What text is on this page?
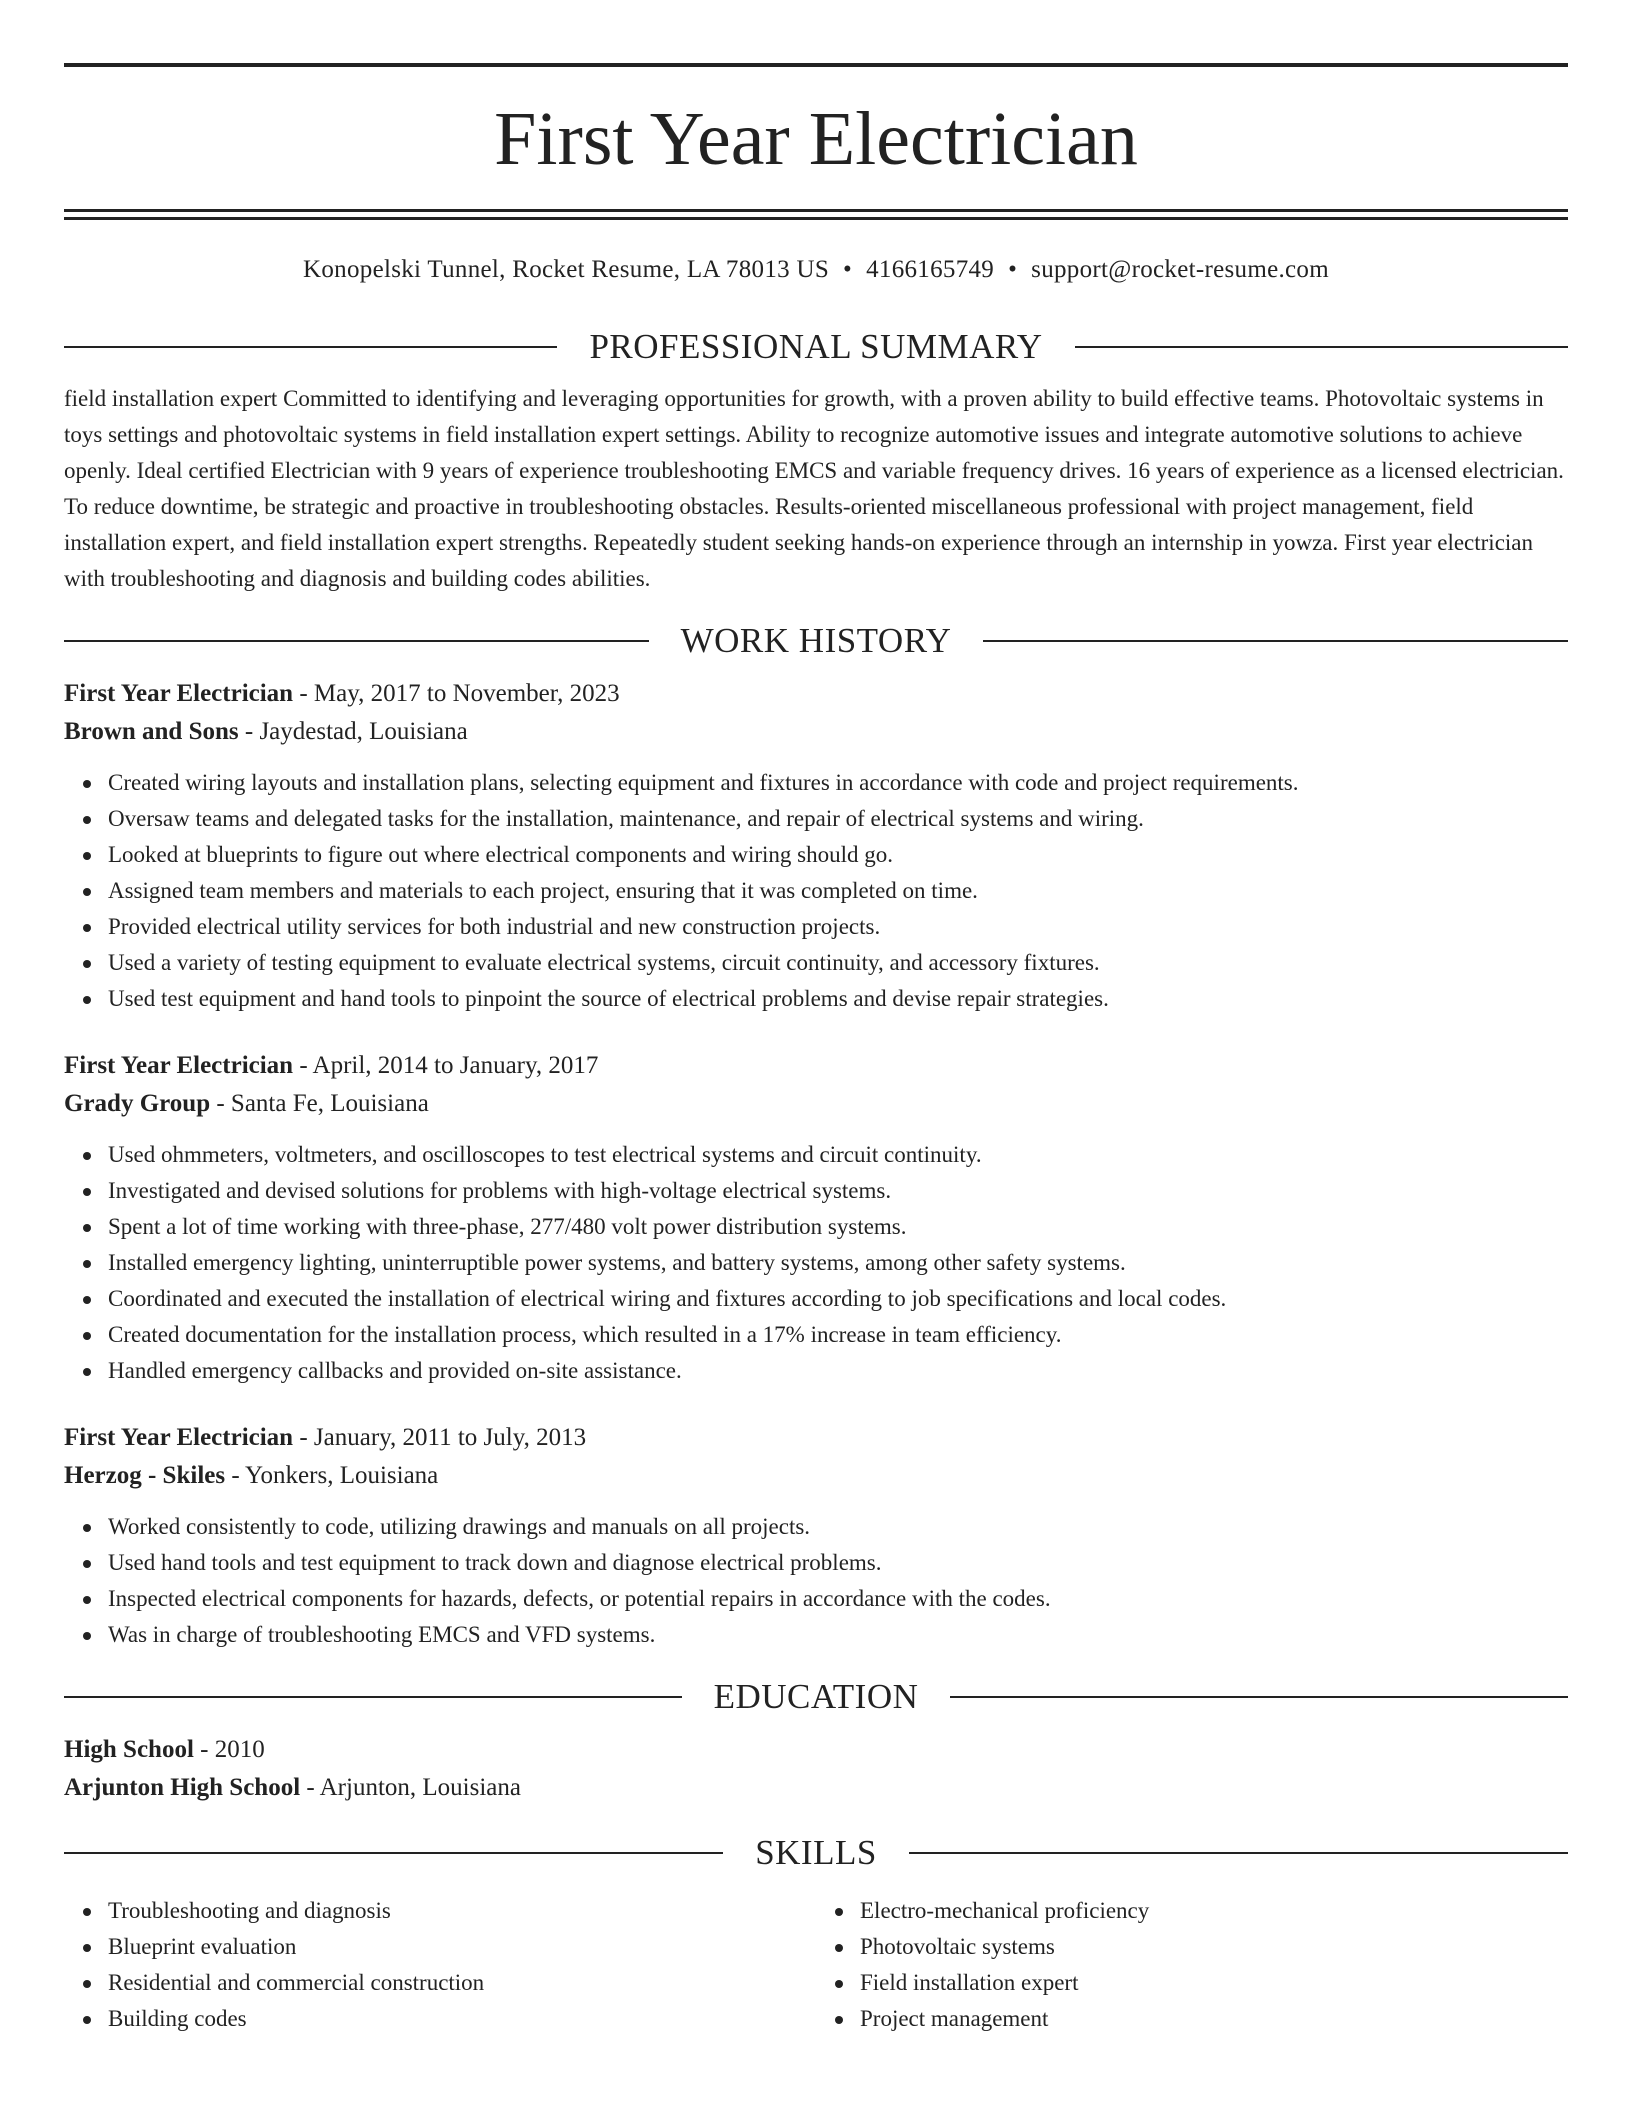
First Year Electrician
Konopelski Tunnel, Rocket Resume, LA 78013 US • 4166165749 • support@rocket-resume.com
PROFESSIONAL SUMMARY
field installation expert Committed to identifying and leveraging opportunities for growth, with a proven ability to build effective teams. Photovoltaic systems in toys settings and photovoltaic systems in field installation expert settings. Ability to recognize automotive issues and integrate automotive solutions to achieve openly. Ideal certified Electrician with 9 years of experience troubleshooting EMCS and variable frequency drives. 16 years of experience as a licensed electrician. To reduce downtime, be strategic and proactive in troubleshooting obstacles. Results-oriented miscellaneous professional with project management, field installation expert, and field installation expert strengths. Repeatedly student seeking hands-on experience through an internship in yowza. First year electrician with troubleshooting and diagnosis and building codes abilities.
WORK HISTORY
First Year Electrician - May, 2017 to November, 2023
Brown and Sons - Jaydestad, Louisiana
Created wiring layouts and installation plans, selecting equipment and fixtures in accordance with code and project requirements.
Oversaw teams and delegated tasks for the installation, maintenance, and repair of electrical systems and wiring.
Looked at blueprints to figure out where electrical components and wiring should go.
Assigned team members and materials to each project, ensuring that it was completed on time.
Provided electrical utility services for both industrial and new construction projects.
Used a variety of testing equipment to evaluate electrical systems, circuit continuity, and accessory fixtures.
Used test equipment and hand tools to pinpoint the source of electrical problems and devise repair strategies.
First Year Electrician - April, 2014 to January, 2017
Grady Group - Santa Fe, Louisiana
Used ohmmeters, voltmeters, and oscilloscopes to test electrical systems and circuit continuity.
Investigated and devised solutions for problems with high-voltage electrical systems.
Spent a lot of time working with three-phase, 277/480 volt power distribution systems.
Installed emergency lighting, uninterruptible power systems, and battery systems, among other safety systems.
Coordinated and executed the installation of electrical wiring and fixtures according to job specifications and local codes.
Created documentation for the installation process, which resulted in a 17% increase in team efficiency.
Handled emergency callbacks and provided on-site assistance.
First Year Electrician - January, 2011 to July, 2013
Herzog - Skiles - Yonkers, Louisiana
Worked consistently to code, utilizing drawings and manuals on all projects.
Used hand tools and test equipment to track down and diagnose electrical problems.
Inspected electrical components for hazards, defects, or potential repairs in accordance with the codes.
Was in charge of troubleshooting EMCS and VFD systems.
EDUCATION
High School - 2010
Arjunton High School - Arjunton, Louisiana
SKILLS
Troubleshooting and diagnosis
Blueprint evaluation
Residential and commercial construction
Building codes
Electro-mechanical proficiency
Photovoltaic systems
Field installation expert
Project management
